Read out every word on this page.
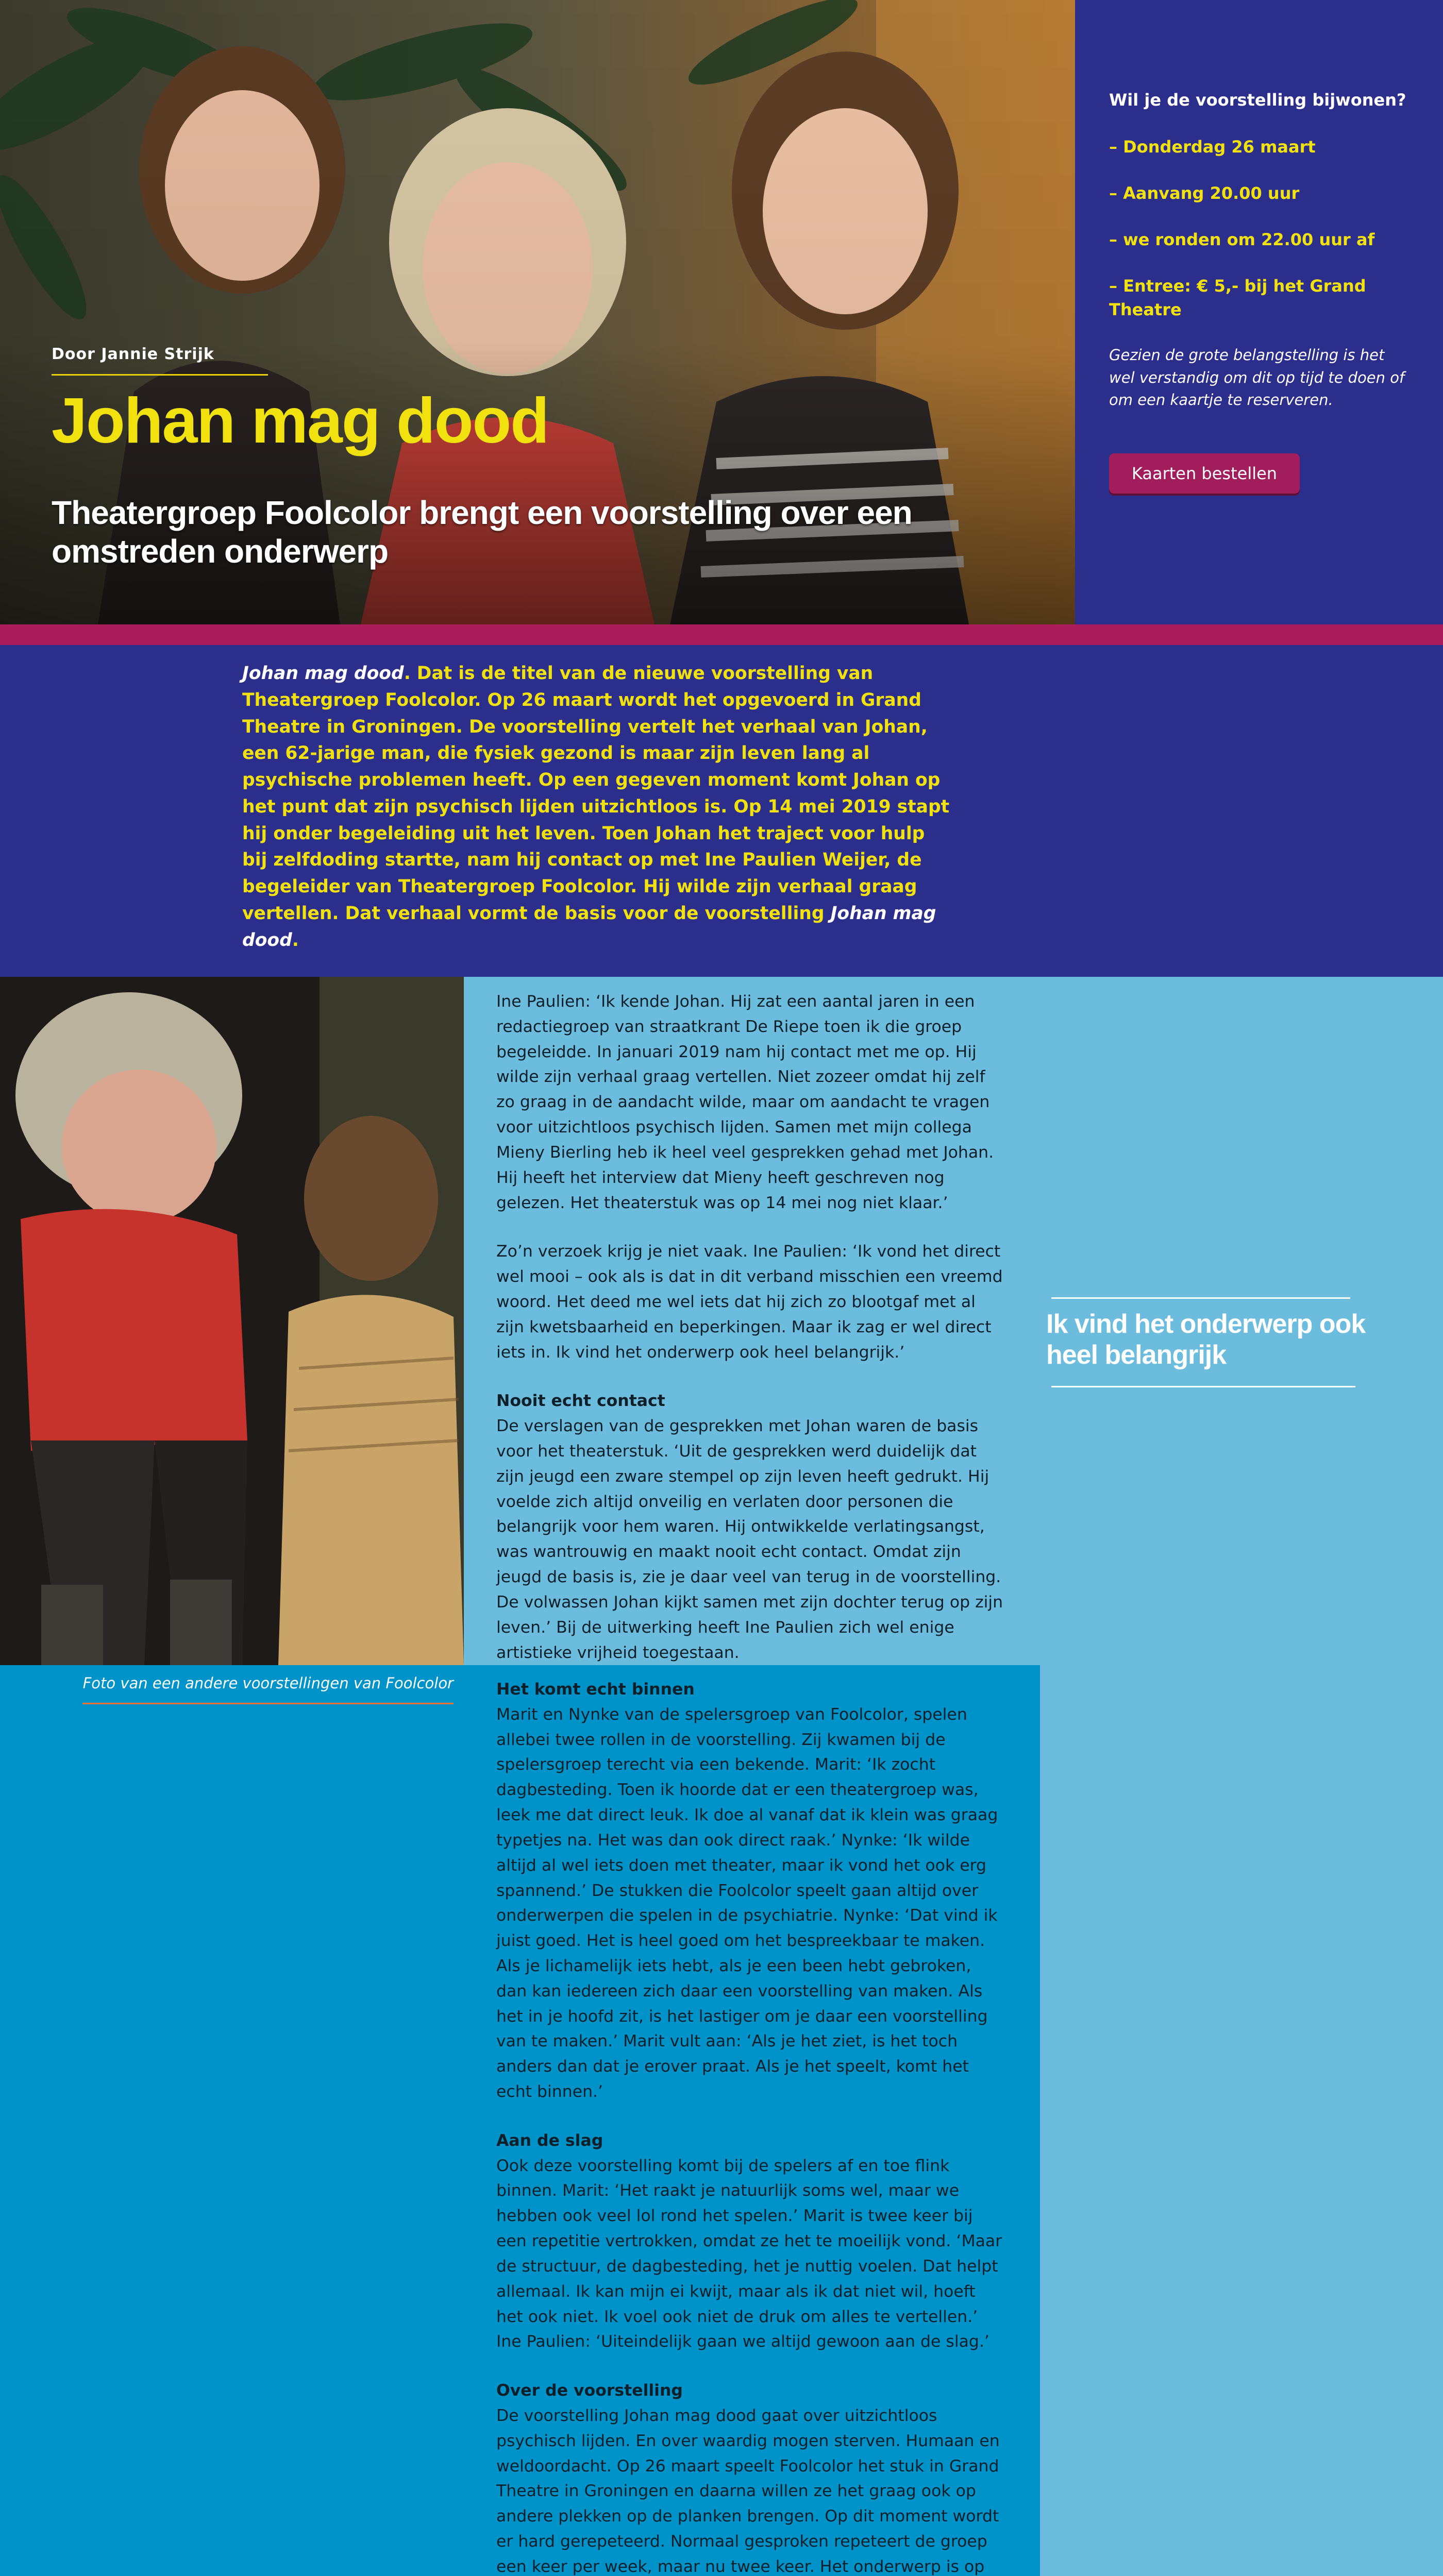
Door Jannie Strijk
Johan mag dood
Theatergroep Foolcolor brengt een voorstelling over een omstreden onderwerp
Wil je de voorstelling bijwonen?
– Donderdag 26 maart
– Aanvang 20.00 uur
– we ronden om 22.00 uur af
– Entree: € 5,- bij het Grand Theatre
Gezien de grote belangstelling is het wel verstandig om dit op tijd te doen of om een kaartje te reserveren.
Kaarten bestellen
Johan mag dood. Dat is de titel van de nieuwe voorstelling van Theatergroep Foolcolor. Op 26 maart wordt het opgevoerd in Grand Theatre in Groningen. De voorstelling vertelt het verhaal van Johan, een 62-jarige man, die fysiek gezond is maar zijn leven lang al psychische problemen heeft. Op een gegeven moment komt Johan op het punt dat zijn psychisch lijden uitzichtloos is. Op 14 mei 2019 stapt hij onder begeleiding uit het leven. Toen Johan het traject voor hulp bij zelfdoding startte, nam hij contact op met Ine Paulien Weijer, de begeleider van Theatergroep Foolcolor. Hij wilde zijn verhaal graag vertellen. Dat verhaal vormt de basis voor de voorstelling Johan mag dood.
Foto van een andere voorstellingen van Foolcolor

Ine Paulien: ‘Ik kende Johan. Hij zat een aantal jaren in een redactiegroep van straatkrant De Riepe toen ik die groep begeleidde. In januari 2019 nam hij contact met me op. Hij wilde zijn verhaal graag vertellen. Niet zozeer omdat hij zelf zo graag in de aandacht wilde, maar om aandacht te vragen voor uitzichtloos psychisch lijden. Samen met mijn collega Mieny Bierling heb ik heel veel gesprekken gehad met Johan. Hij heeft het interview dat Mieny heeft geschreven nog gelezen. Het theaterstuk was op 14 mei nog niet klaar.’

Zo’n verzoek krijg je niet vaak. Ine Paulien: ‘Ik vond het direct wel mooi – ook als is dat in dit verband misschien een vreemd woord. Het deed me wel iets dat hij zich zo blootgaf met al zijn kwetsbaarheid en beperkingen. Maar ik zag er wel direct iets in. Ik vind het onderwerp ook heel belangrijk.’

Nooit echt contact

De verslagen van de gesprekken met Johan waren de basis voor het theaterstuk. ‘Uit de gesprekken werd duidelijk dat zijn jeugd een zware stempel op zijn leven heeft gedrukt. Hij voelde zich altijd onveilig en verlaten door personen die belangrijk voor hem waren. Hij ontwikkelde verlatingsangst, was wantrouwig en maakt nooit echt contact. Omdat zijn jeugd de basis is, zie je daar veel van terug in de voorstelling. De volwassen Johan kijkt samen met zijn dochter terug op zijn leven.’ Bij de uitwerking heeft Ine Paulien zich wel enige artistieke vrijheid toegestaan.

Het komt echt binnen

Marit en Nynke van de spelersgroep van Foolcolor, spelen allebei twee rollen in de voorstelling. Zij kwamen bij de spelersgroep terecht via een bekende. Marit: ‘Ik zocht dagbesteding. Toen ik hoorde dat er een theatergroep was, leek me dat direct leuk. Ik doe al vanaf dat ik klein was graag typetjes na. Het was dan ook direct raak.’ Nynke: ‘Ik wilde altijd al wel iets doen met theater, maar ik vond het ook erg spannend.’ De stukken die Foolcolor speelt gaan altijd over onderwerpen die spelen in de psychiatrie. Nynke: ‘Dat vind ik juist goed. Het is heel goed om het bespreekbaar te maken. Als je lichamelijk iets hebt, als je een been hebt gebroken, dan kan iedereen zich daar een voorstelling van maken. Als het in je hoofd zit, is het lastiger om je daar een voorstelling van te maken.’ Marit vult aan: ‘Als je het ziet, is het toch anders dan dat je erover praat. Als je het speelt, komt het echt binnen.’

Aan de slag

Ook deze voorstelling komt bij de spelers af en toe flink binnen. Marit: ‘Het raakt je natuurlijk soms wel, maar we hebben ook veel lol rond het spelen.’ Marit is twee keer bij een repetitie vertrokken, omdat ze het te moeilijk vond. ‘Maar de structuur, de dagbesteding, het je nuttig voelen. Dat helpt allemaal. Ik kan mijn ei kwijt, maar als ik dat niet wil, hoeft het ook niet. Ik voel ook niet de druk om alles te vertellen.’ Ine Paulien: ‘Uiteindelijk gaan we altijd gewoon aan de slag.’

Over de voorstelling

De voorstelling Johan mag dood gaat over uitzichtloos psychisch lijden. En over waardig mogen sterven. Humaan en weldoordacht. Op 26 maart speelt Foolcolor het stuk in Grand Theatre in Groningen en daarna willen ze het graag ook op andere plekken op de planken brengen. Op dit moment wordt er hard gerepeteerd. Normaal gesproken repeteert de groep een keer per week, maar nu twee keer. Het onderwerp is op

Ik vind het onderwerp ook heel belangrijk
